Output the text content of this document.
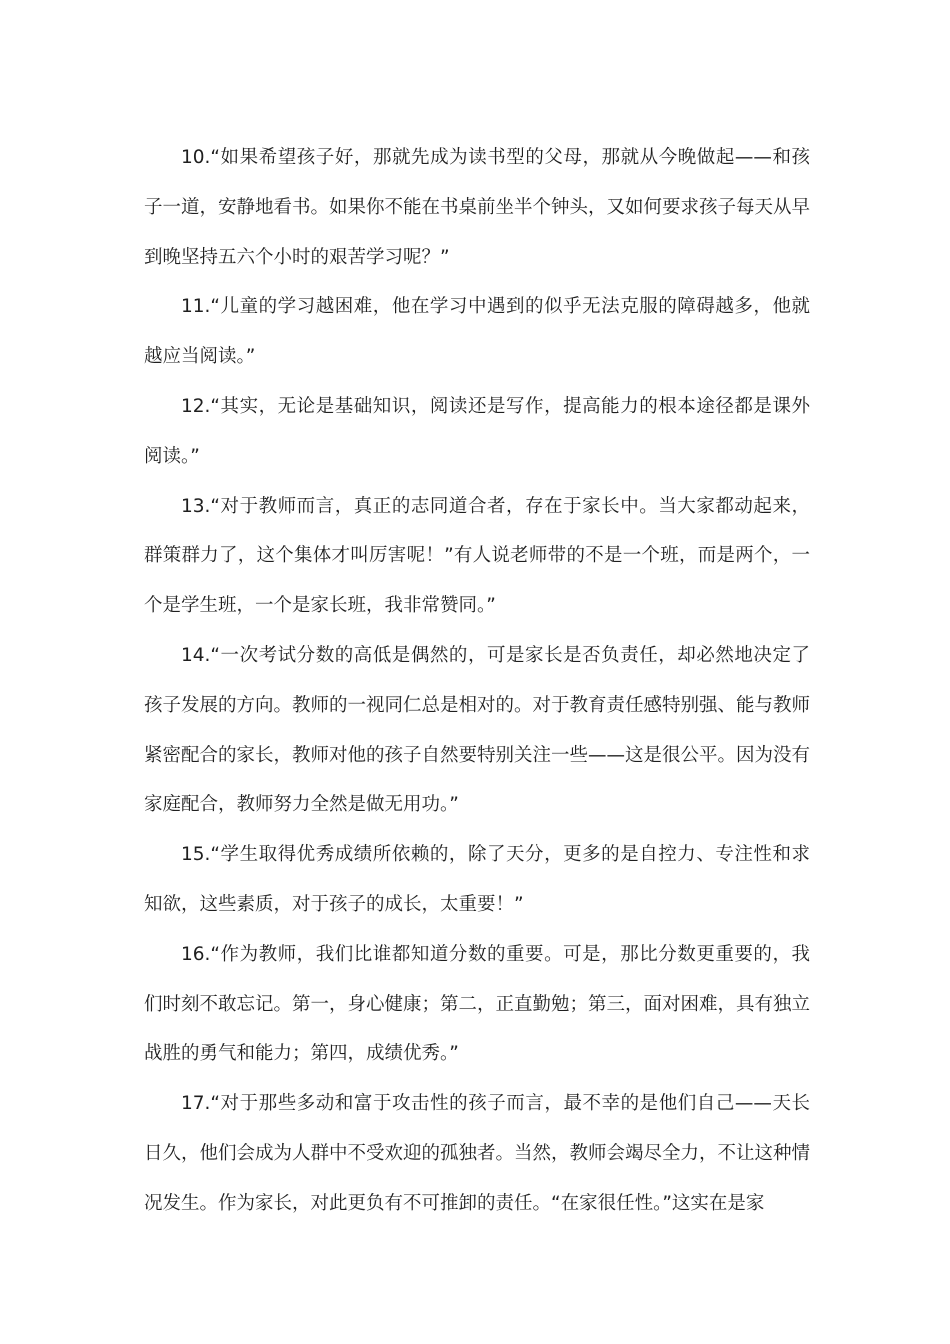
10.“如果希望孩子好，那就先成为读书型的父母，那就从今晚做起——和孩子一道，安静地看书。如果你不能在书桌前坐半个钟头，又如何要求孩子每天从早到晚坚持五六个小时的艰苦学习呢？”

11.“儿童的学习越困难，他在学习中遇到的似乎无法克服的障碍越多，他就越应当阅读。”

12.“其实，无论是基础知识，阅读还是写作，提高能力的根本途径都是课外阅读。”

13.“对于教师而言，真正的志同道合者，存在于家长中。当大家都动起来，群策群力了，这个集体才叫厉害呢！”有人说老师带的不是一个班，而是两个，一个是学生班，一个是家长班，我非常赞同。”

14.“一次考试分数的高低是偶然的，可是家长是否负责任，却必然地决定了孩子发展的方向。教师的一视同仁总是相对的。对于教育责任感特别强、能与教师紧密配合的家长，教师对他的孩子自然要特别关注一些——这是很公平。因为没有家庭配合，教师努力全然是做无用功。”

15.“学生取得优秀成绩所依赖的，除了天分，更多的是自控力、专注性和求知欲，这些素质，对于孩子的成长，太重要！”

16.“作为教师，我们比谁都知道分数的重要。可是，那比分数更重要的，我们时刻不敢忘记。第一，身心健康；第二，正直勤勉；第三，面对困难，具有独立战胜的勇气和能力；第四，成绩优秀。”

17.“对于那些多动和富于攻击性的孩子而言，最不幸的是他们自己——天长日久，他们会成为人群中不受欢迎的孤独者。当然，教师会竭尽全力，不让这种情况发生。作为家长，对此更负有不可推卸的责任。“在家很任性。”这实在是家
